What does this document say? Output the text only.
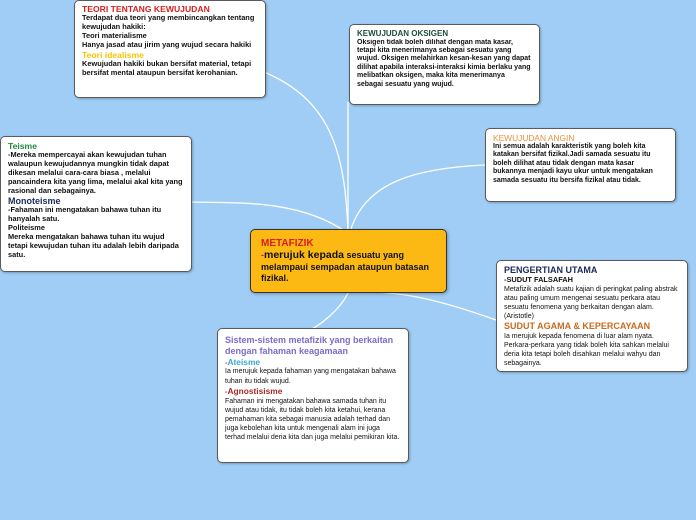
TEORI TENTANG KEWUJUDAN

Terdapat dua teori yang membincangkan tentang kewujudan hakiki:

Teori materialisme

Hanya jasad atau jirim yang wujud secara hakiki

Teori idealisme

Kewujudan hakiki bukan bersifat material, tetapi bersifat mental ataupun bersifat kerohanian.

KEWUJUDAN OKSIGEN

Oksigen tidak boleh dilihat dengan mata kasar, tetapi kita menerimanya sebagai sesuatu yang wujud. Oksigen melahirkan kesan-kesan yang dapat dilihat apabila interaksi-interaksi kimia berlaku yang melibatkan oksigen, maka kita menerimanya sebagai sesuatu yang wujud.

KEWUJUDAN ANGIN

Ini semua adalah karakteristik yang boleh kita katakan bersifat fizikal.Jadi samada sesuatu itu boleh dilihat atau tidak dengan mata kasar bukannya menjadi kayu ukur untuk mengatakan samada sesuatu itu bersifa fizikal atau tidak.

Teisme

-Mereka mempercayai akan kewujudan tuhan walaupun kewujudannya mungkin tidak dapat dikesan melalui cara-cara biasa , melalui pancaindera kita yang lima, melalui akal kita yang rasional dan sebagainya.

Monoteisme

-Fahaman ini mengatakan bahawa tuhan itu hanyalah satu.

Politeisme

Mereka mengatakan bahawa tuhan itu wujud tetapi kewujudan tuhan itu adalah lebih daripada satu.

METAFIZIK
-merujuk kepada sesuatu yang melampaui sempadan ataupun batasan fizikal.
PENGERTIAN UTAMA

-SUDUT FALSAFAH

Metafizik adalah suatu kajian di peringkat paling abstrak atau paling umum mengenai sesuatu perkara atau sesuatu fenomena yang berkaitan dengan alam. (Aristotle)

SUDUT AGAMA & KEPERCAYAAN

Ia merujuk kepada fenomena di luar alam nyata. Perkara-perkara yang tidak boleh kita sahkan melalui deria kita tetapi boleh disahkan melalui wahyu dan sebagainya.

Sistem-sistem metafizik yang berkaitan dengan fahaman keagamaan

-Ateisme

Ia merujuk kepada fahaman yang mengatakan bahawa tuhan itu tidak wujud.

-Agnostisisme

Fahaman ini mengatakan bahawa samada tuhan itu wujud atau tidak, itu tidak boleh kita ketahui, kerana pemahaman kita sebagai manusia adalah terhad dan juga kebolehan kita untuk mengenali alam ini juga terhad melalui deria kita dan juga melalui pemikiran kita.
